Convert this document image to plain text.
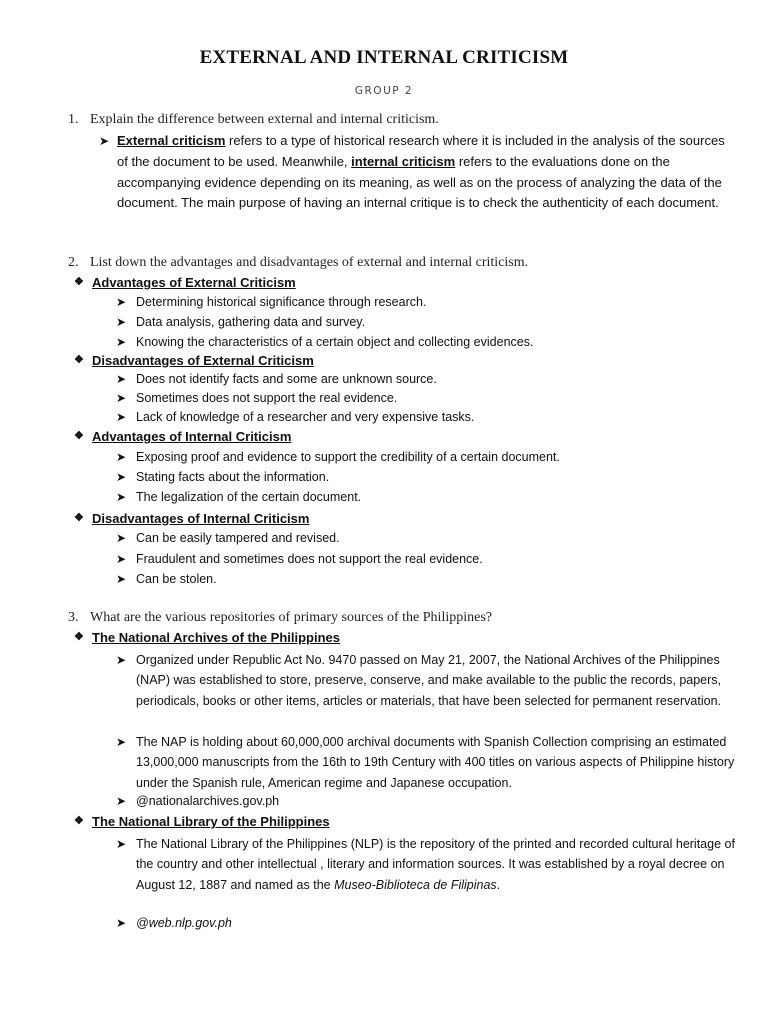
EXTERNAL AND INTERNAL CRITICISM
GROUP 2
1. Explain the difference between external and internal criticism.
➤ External criticism refers to a type of historical research where it is included in the analysis of the sources of the document to be used. Meanwhile, internal criticism refers to the evaluations done on the accompanying evidence depending on its meaning, as well as on the process of analyzing the data of the document. The main purpose of having an internal critique is to check the authenticity of each document.
2. List down the advantages and disadvantages of external and internal criticism.
❖ Advantages of External Criticism
➤ Determining historical significance through research.
➤ Data analysis, gathering data and survey.
➤ Knowing the characteristics of a certain object and collecting evidences.
❖ Disadvantages of External Criticism
➤ Does not identify facts and some are unknown source.
➤ Sometimes does not support the real evidence.
➤ Lack of knowledge of a researcher and very expensive tasks.
❖ Advantages of Internal Criticism
➤ Exposing proof and evidence to support the credibility of a certain document.
➤ Stating facts about the information.
➤ The legalization of the certain document.
❖ Disadvantages of Internal Criticism
➤ Can be easily tampered and revised.
➤ Fraudulent and sometimes does not support the real evidence.
➤ Can be stolen.
3. What are the various repositories of primary sources of the Philippines?
❖ The National Archives of the Philippines
➤ Organized under Republic Act No. 9470 passed on May 21, 2007, the National Archives of the Philippines (NAP) was established to store, preserve, conserve, and make available to the public the records, papers, periodicals, books or other items, articles or materials, that have been selected for permanent reservation.
➤ The NAP is holding about 60,000,000 archival documents with Spanish Collection comprising an estimated 13,000,000 manuscripts from the 16th to 19th Century with 400 titles on various aspects of Philippine history under the Spanish rule, American regime and Japanese occupation.
➤ @nationalarchives.gov.ph
❖ The National Library of the Philippines
➤ The National Library of the Philippines (NLP) is the repository of the printed and recorded cultural heritage of the country and other intellectual , literary and information sources. It was established by a royal decree on August 12, 1887 and named as the Museo-Biblioteca de Filipinas.
➤ @web.nlp.gov.ph
